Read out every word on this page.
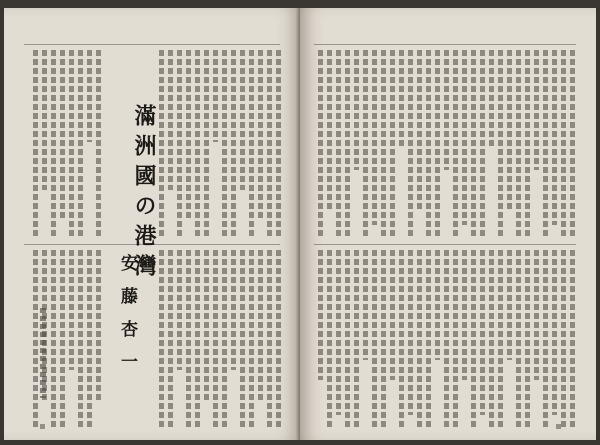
滿洲國の港灣
安 藤 杏 一
